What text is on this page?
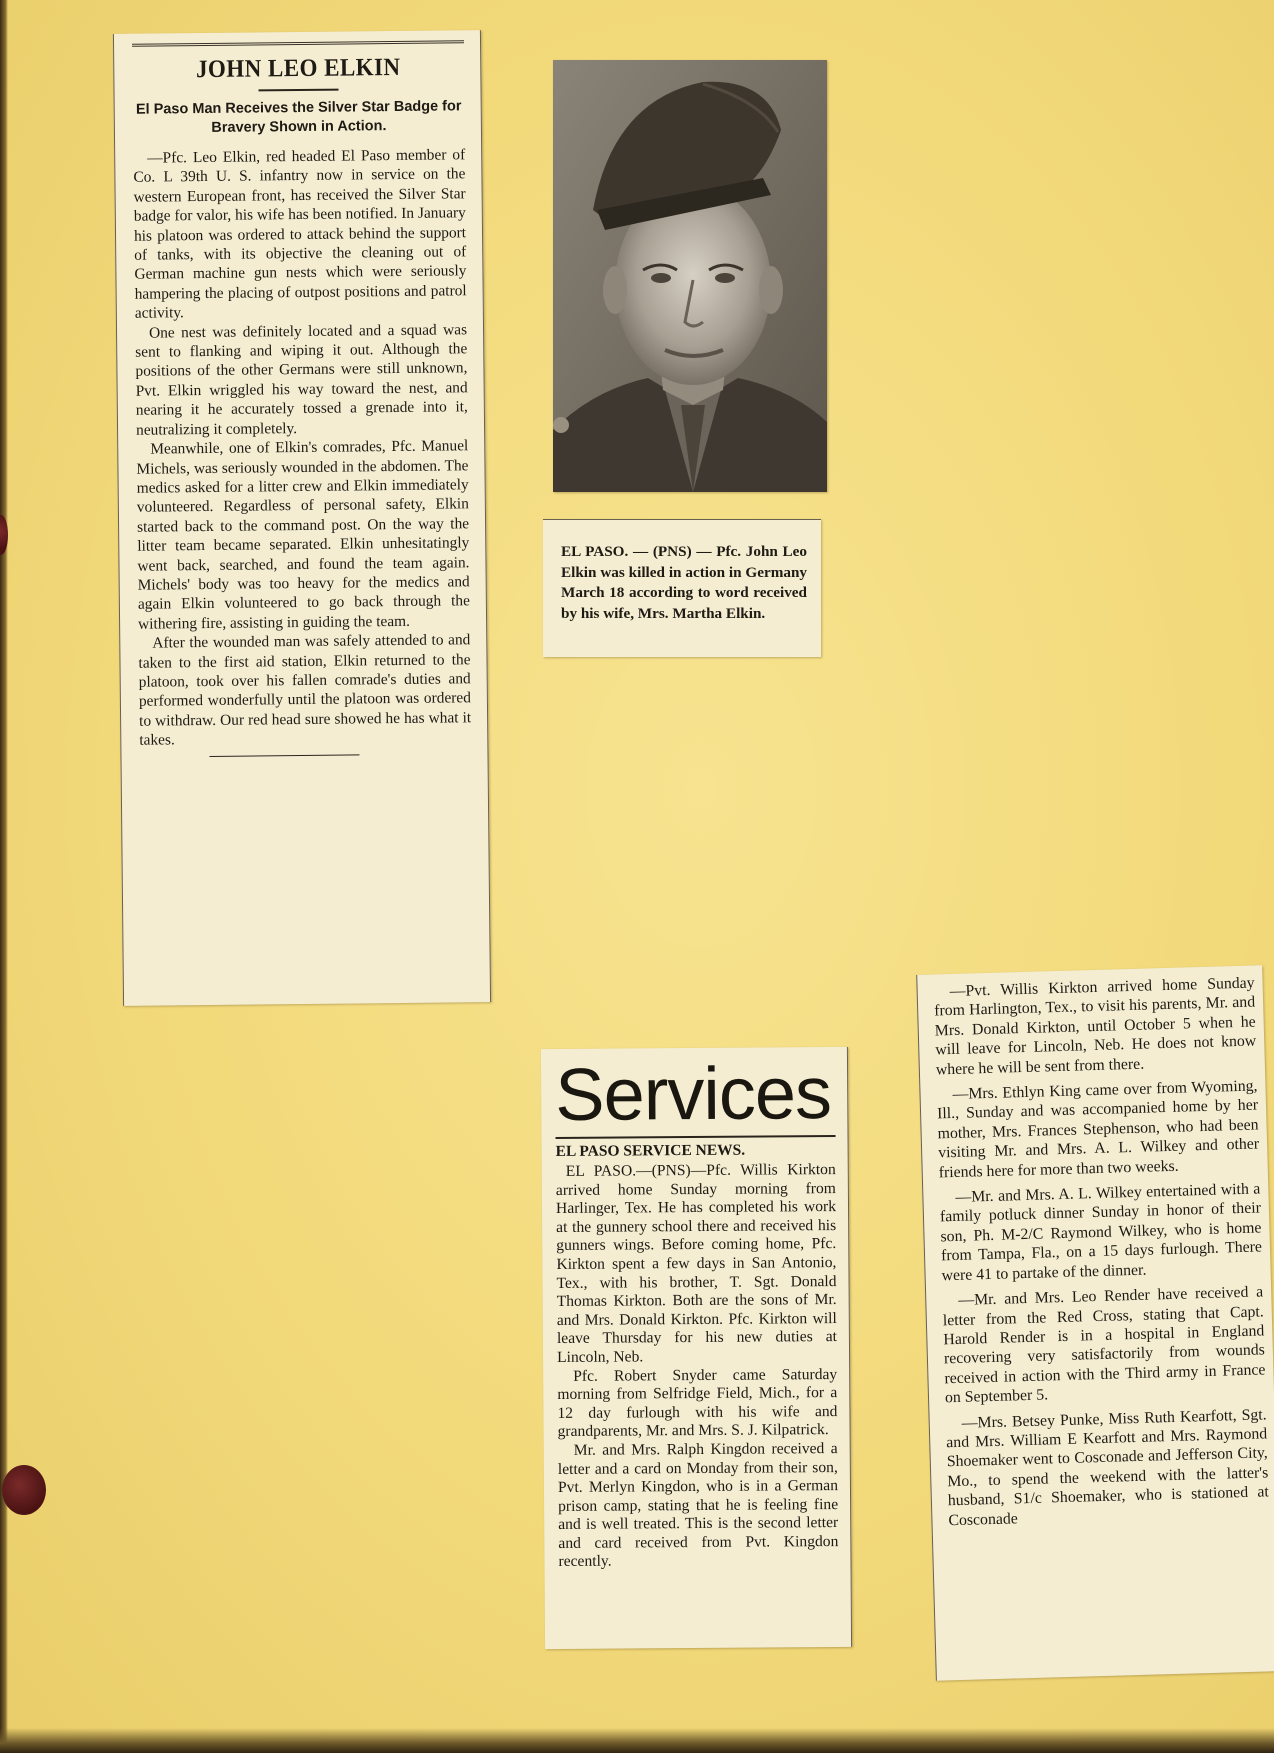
JOHN LEO ELKIN
El Paso Man Receives the Silver Star Badge for Bravery Shown in Action.

—Pfc. Leo Elkin, red headed El Paso member of Co. L 39th U. S. infantry now in service on the western European front, has received the Silver Star badge for valor, his wife has been notified. In January his platoon was ordered to attack behind the support of tanks, with its objective the cleaning out of German machine gun nests which were seriously hampering the placing of outpost positions and patrol activity.

One nest was definitely located and a squad was sent to flanking and wiping it out. Although the positions of the other Germans were still unknown, Pvt. Elkin wriggled his way toward the nest, and nearing it he accurately tossed a grenade into it, neutralizing it completely.

Meanwhile, one of Elkin's comrades, Pfc. Manuel Michels, was seriously wounded in the abdomen. The medics asked for a litter crew and Elkin immediately volunteered. Regardless of personal safety, Elkin started back to the command post. On the way the litter team became separated. Elkin unhesitatingly went back, searched, and found the team again. Michels' body was too heavy for the medics and again Elkin volunteered to go back through the withering fire, assisting in guiding the team.

After the wounded man was safely attended to and taken to the first aid station, Elkin returned to the platoon, took over his fallen comrade's duties and performed wonderfully until the platoon was ordered to withdraw. Our red head sure showed he has what it takes.

EL PASO. — (PNS) — Pfc. John Leo Elkin was killed in action in Germany March 18 according to word received by his wife, Mrs. Martha Elkin.

Services
EL PASO SERVICE NEWS.

EL PASO.—(PNS)—Pfc. Willis Kirkton arrived home Sunday morning from Harlinger, Tex. He has completed his work at the gunnery school there and received his gunners wings. Before coming home, Pfc. Kirkton spent a few days in San Antonio, Tex., with his brother, T. Sgt. Donald Thomas Kirkton. Both are the sons of Mr. and Mrs. Donald Kirkton. Pfc. Kirkton will leave Thursday for his new duties at Lincoln, Neb.

Pfc. Robert Snyder came Saturday morning from Selfridge Field, Mich., for a 12 day furlough with his wife and grandparents, Mr. and Mrs. S. J. Kilpatrick.

Mr. and Mrs. Ralph Kingdon received a letter and a card on Monday from their son, Pvt. Merlyn Kingdon, who is in a German prison camp, stating that he is feeling fine and is well treated. This is the second letter and card received from Pvt. Kingdon recently.

—Pvt. Willis Kirkton arrived home Sunday from Harlington, Tex., to visit his parents, Mr. and Mrs. Donald Kirkton, until October 5 when he will leave for Lincoln, Neb. He does not know where he will be sent from there.

—Mrs. Ethlyn King came over from Wyoming, Ill., Sunday and was accompanied home by her mother, Mrs. Frances Stephenson, who had been visiting Mr. and Mrs. A. L. Wilkey and other friends here for more than two weeks.

—Mr. and Mrs. A. L. Wilkey entertained with a family potluck dinner Sunday in honor of their son, Ph. M-2/C Raymond Wilkey, who is home from Tampa, Fla., on a 15 days furlough. There were 41 to partake of the dinner.

—Mr. and Mrs. Leo Render have received a letter from the Red Cross, stating that Capt. Harold Render is in a hospital in England recovering very satisfactorily from wounds received in action with the Third army in France on September 5.

—Mrs. Betsey Punke, Miss Ruth Kearfott, Sgt. and Mrs. William E Kearfott and Mrs. Raymond Shoemaker went to Cosconade and Jefferson City, Mo., to spend the weekend with the latter's husband, S1/c Shoemaker, who is stationed at Cosconade
